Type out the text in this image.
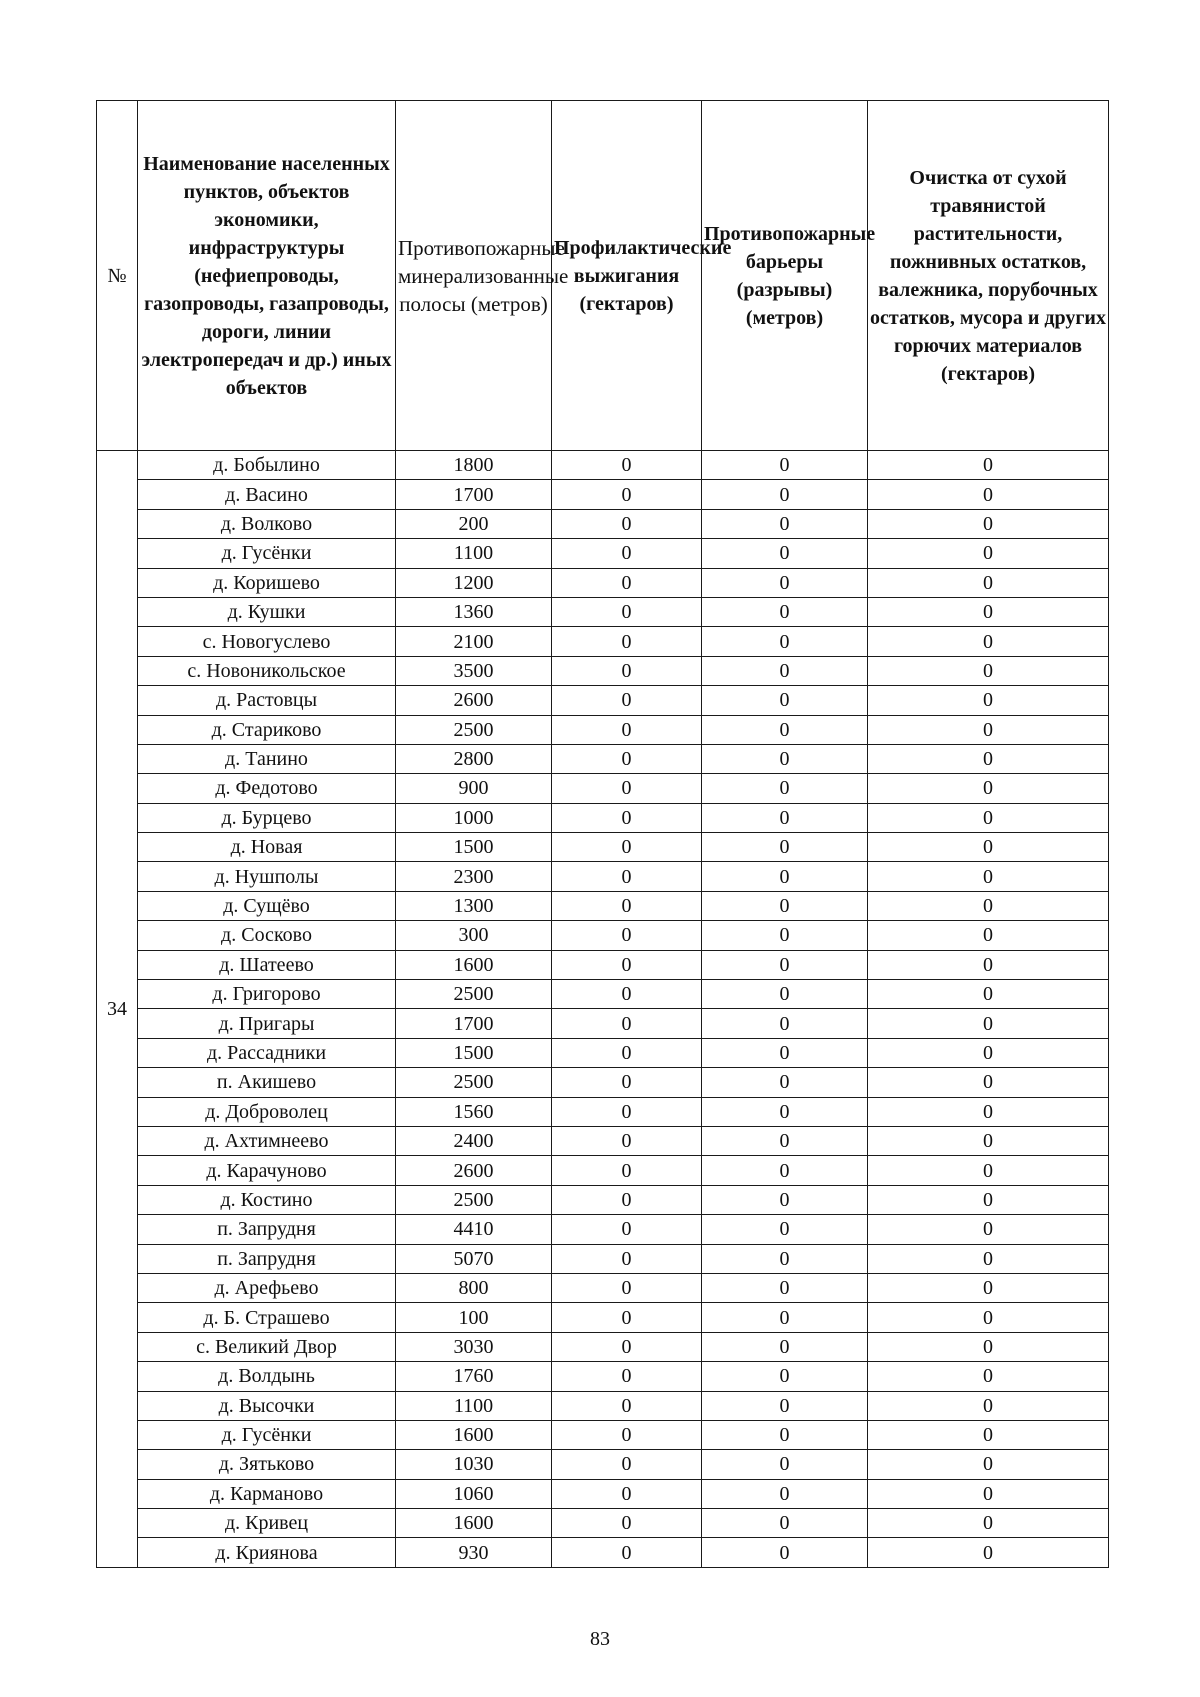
№	Наименование населенных пунктов, объектов экономики, инфраструктуры (нефиепроводы, газопроводы, газапроводы, дороги, линии электропередач и др.) иных объектов	Противопожарные минерализованные полосы (метров)	Профилактические выжигания (гектаров)	Противопожарные барьеры (разрывы) (метров)	Очистка от сухой травянистой растительности, пожнивных остатков, валежника, порубочных остатков, мусора и других горючих материалов (гектаров)
34	д. Бобылино	1800	0	0	0
	д. Васино	1700	0	0	0
	д. Волково	200	0	0	0
	д. Гусёнки	1100	0	0	0
	д. Коришево	1200	0	0	0
	д. Кушки	1360	0	0	0
	с. Новогуслево	2100	0	0	0
	с. Новоникольское	3500	0	0	0
	д. Растовцы	2600	0	0	0
	д. Стариково	2500	0	0	0
	д. Танино	2800	0	0	0
	д. Федотово	900	0	0	0
	д. Бурцево	1000	0	0	0
	д. Новая	1500	0	0	0
	д. Нушполы	2300	0	0	0
	д. Сущёво	1300	0	0	0
	д. Сосково	300	0	0	0
	д. Шатеево	1600	0	0	0
	д. Григорово	2500	0	0	0
	д. Пригары	1700	0	0	0
	д. Рассадники	1500	0	0	0
	п. Акишево	2500	0	0	0
	д. Доброволец	1560	0	0	0
	д. Ахтимнеево	2400	0	0	0
	д. Карачуново	2600	0	0	0
	д. Костино	2500	0	0	0
	п. Запрудня	4410	0	0	0
	п. Запрудня	5070	0	0	0
	д. Арефьево	800	0	0	0
	д. Б. Страшево	100	0	0	0
	с. Великий Двор	3030	0	0	0
	д. Волдынь	1760	0	0	0
	д. Высочки	1100	0	0	0
	д. Гусёнки	1600	0	0	0
	д. Зятьково	1030	0	0	0
	д. Карманово	1060	0	0	0
	д. Кривец	1600	0	0	0
	д. Криянова	930	0	0	0
83
